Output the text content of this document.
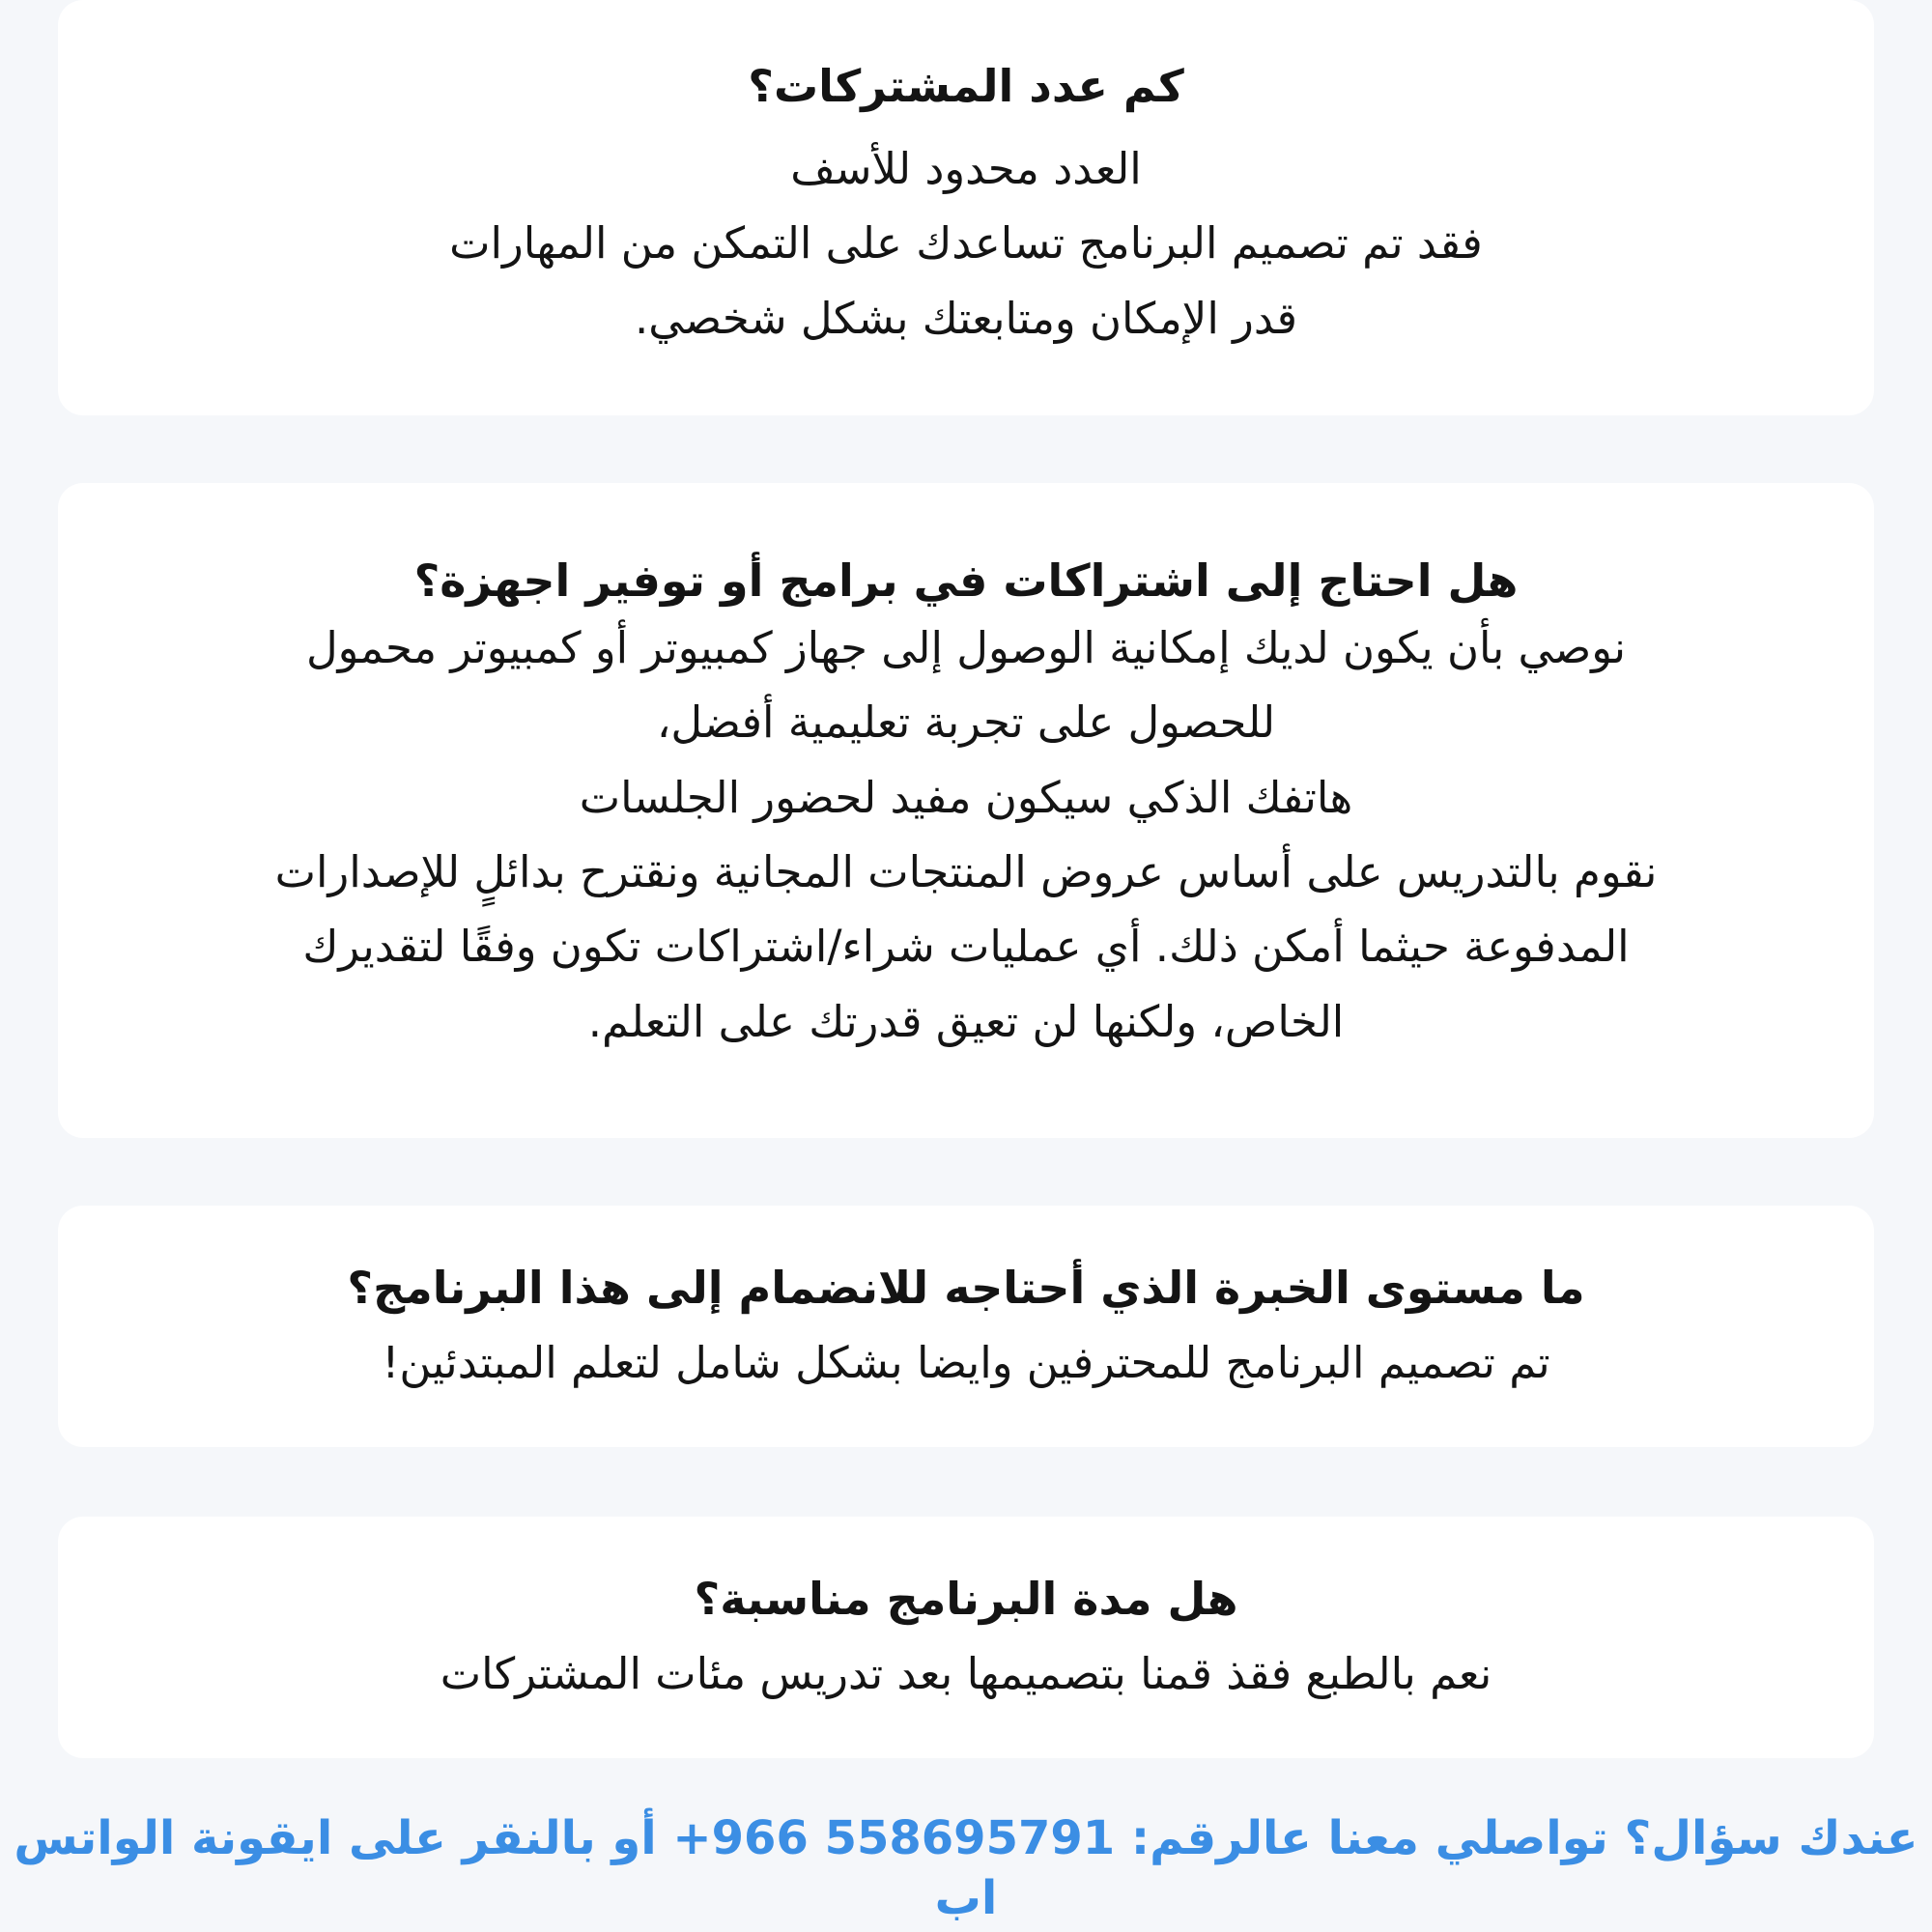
كم عدد المشتركات؟

العدد محدود للأسف

فقد تم تصميم البرنامج تساعدك على التمكن من المهارات

قدر الإمكان ومتابعتك بشكل شخصي.

هل احتاج إلى اشتراكات في برامج أو توفير اجهزة؟

نوصي بأن يكون لديك إمكانية الوصول إلى جهاز كمبيوتر أو كمبيوتر محمول

للحصول على تجربة تعليمية أفضل،

هاتفك الذكي سيكون مفيد لحضور الجلسات

نقوم بالتدريس على أساس عروض المنتجات المجانية ونقترح بدائلٍ للإصدارات

المدفوعة حيثما أمكن ذلك. أي عمليات شراء/اشتراكات تكون وفقًا لتقديرك

الخاص، ولكنها لن تعيق قدرتك على التعلم.

ما مستوى الخبرة الذي أحتاجه للانضمام إلى هذا البرنامج؟

تم تصميم البرنامج للمحترفين وايضا بشكل شامل لتعلم المبتدئين!

هل مدة البرنامج مناسبة؟

نعم بالطبع فقذ قمنا بتصميمها بعد تدريس مئات المشتركات

عندك سؤال؟ تواصلي معنا عالرقم: 558695791 966+ أو بالنقر على ايقونة الواتس اب
